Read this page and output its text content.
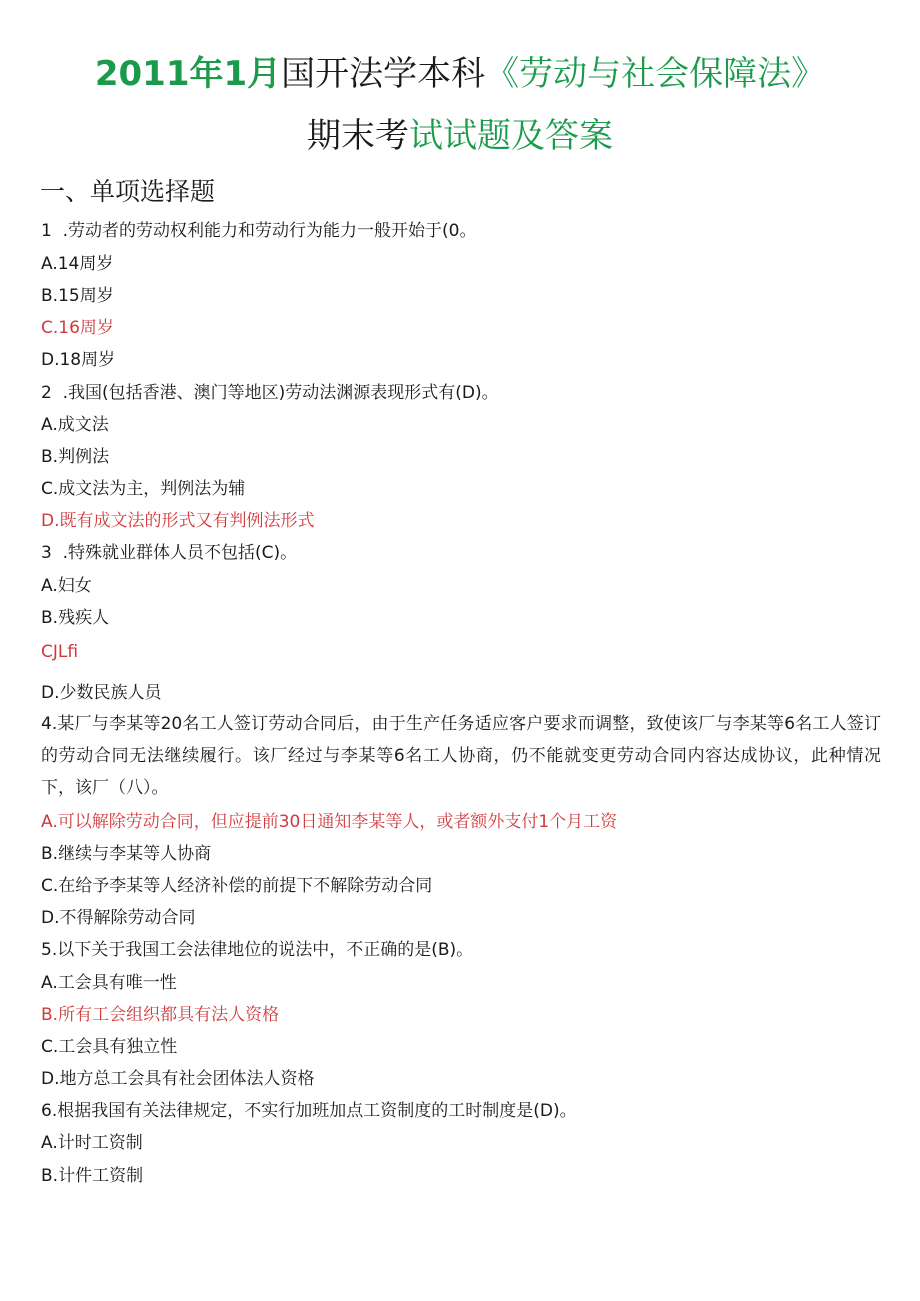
2011年1月国开法学本科《劳动与社会保障法》
期末考试试题及答案
一、单项选择题
1  .劳动者的劳动权利能力和劳动行为能力一般开始于(0。
A.14周岁
B.15周岁
C.16周岁
D.18周岁
2  .我国(包括香港、澳门等地区)劳动法渊源表现形式有(D)。
A.成文法
B.判例法
C.成文法为主，判例法为辅
D.既有成文法的形式又有判例法形式
3  .特殊就业群体人员不包括(C)。
A.妇女
B.残疾人
CJLfi
D.少数民族人员
4.某厂与李某等20名工人签订劳动合同后，由于生产任务适应客户要求而调整，致使该厂与李某等6名工人签订的劳动合同无法继续履行。该厂经过与李某等6名工人协商，仍不能就变更劳动合同内容达成协议，此种情况下，该厂（八）。
A.可以解除劳动合同，但应提前30日通知李某等人，或者额外支付1个月工资
B.继续与李某等人协商
C.在给予李某等人经济补偿的前提下不解除劳动合同
D.不得解除劳动合同
5.以下关于我国工会法律地位的说法中，不正确的是(B)。
A.工会具有唯一性
B.所有工会组织都具有法人资格
C.工会具有独立性
D.地方总工会具有社会团体法人资格
6.根据我国有关法律规定，不实行加班加点工资制度的工时制度是(D)。
A.计时工资制
B.计件工资制
